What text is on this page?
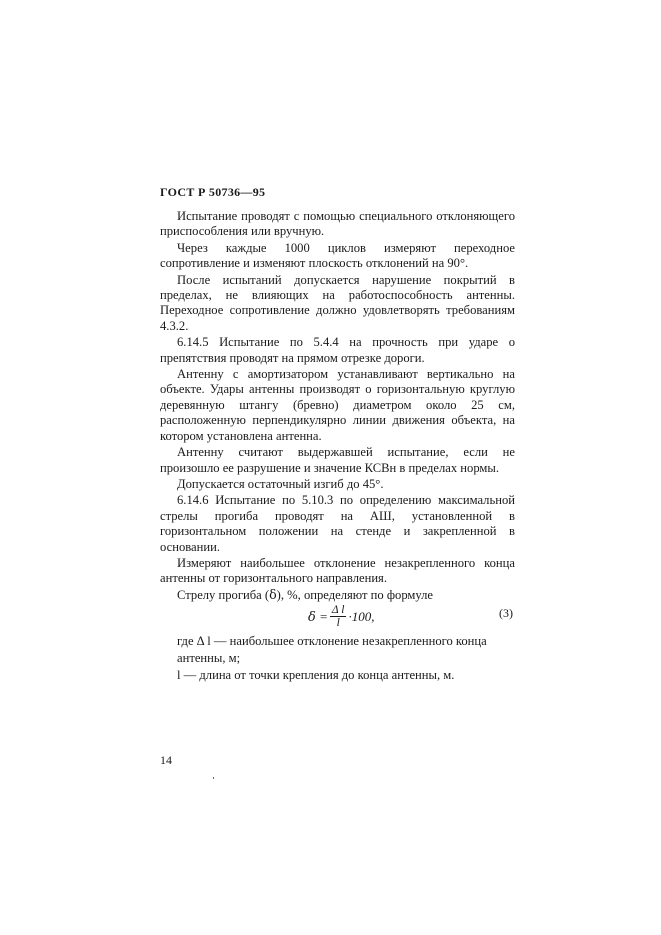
ГОСТ Р 50736—95

Испытание проводят с помощью специального отклоняющего приспособления или вручную.

Через каждые 1000 циклов измеряют переходное сопротивление и изменяют плоскость отклонений на 90°.

После испытаний допускается нарушение покрытий в пределах, не влияющих на работоспособность антенны. Переходное сопротивление должно удовлетворять требованиям 4.3.2.

6.14.5 Испытание по 5.4.4 на прочность при ударе о препятствия проводят на прямом отрезке дороги.

Антенну с амортизатором устанавливают вертикально на объекте. Удары антенны производят о горизонтальную круглую деревянную штангу (бревно) диаметром около 25 см, расположенную перпендикулярно линии движения объекта, на котором установлена антенна.

Антенну считают выдержавшей испытание, если не произошло ее разрушение и значение КСВн в пределах нормы.

Допускается остаточный изгиб до 45°.

6.14.6 Испытание по 5.10.3 по определению максимальной стрелы прогиба проводят на АШ, установленной в горизонтальном положении на стенде и закрепленной в основании.

Измеряют наибольшее отклонение незакрепленного конца антенны от горизонтального направления.

Стрелу прогиба (ẟ), %, определяют по формуле

ẟ = $\frac{\text{Δ l}}{l} \cdot 100$,	(3)

где Δ l — наибольшее отклонение незакрепленного конца

антенны, м;

l — длина от точки крепления до конца антенны, м.

14
